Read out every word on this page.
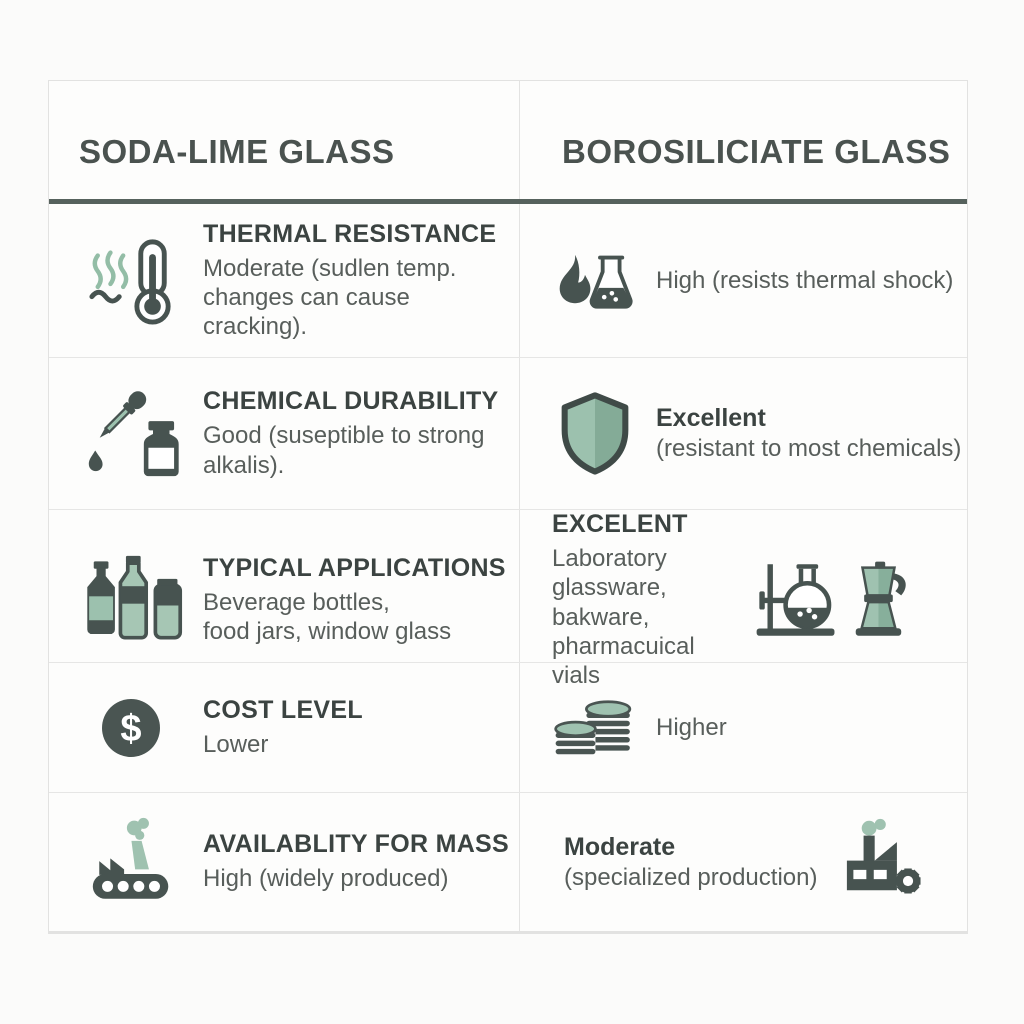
SODA-LIME GLASS	BOROSILICIATE GLASS
THERMAL RESISTANCE
Moderate (sudlen temp.
changes can cause cracking).
High (resists thermal shock)
CHEMICAL DURABILITY
Good (suseptible to strong alkalis).
Excellent
(resistant to most chemicals)
TYPICAL APPLICATIONS
Beverage bottles,
food jars, window glass
EXCELENT
Laboratory glassware,
bakware, pharmacuical vials
$ COST LEVEL
Lower
Higher
AVAILABLITY FOR MASS
High (widely produced)
Moderate
(specialized production)
